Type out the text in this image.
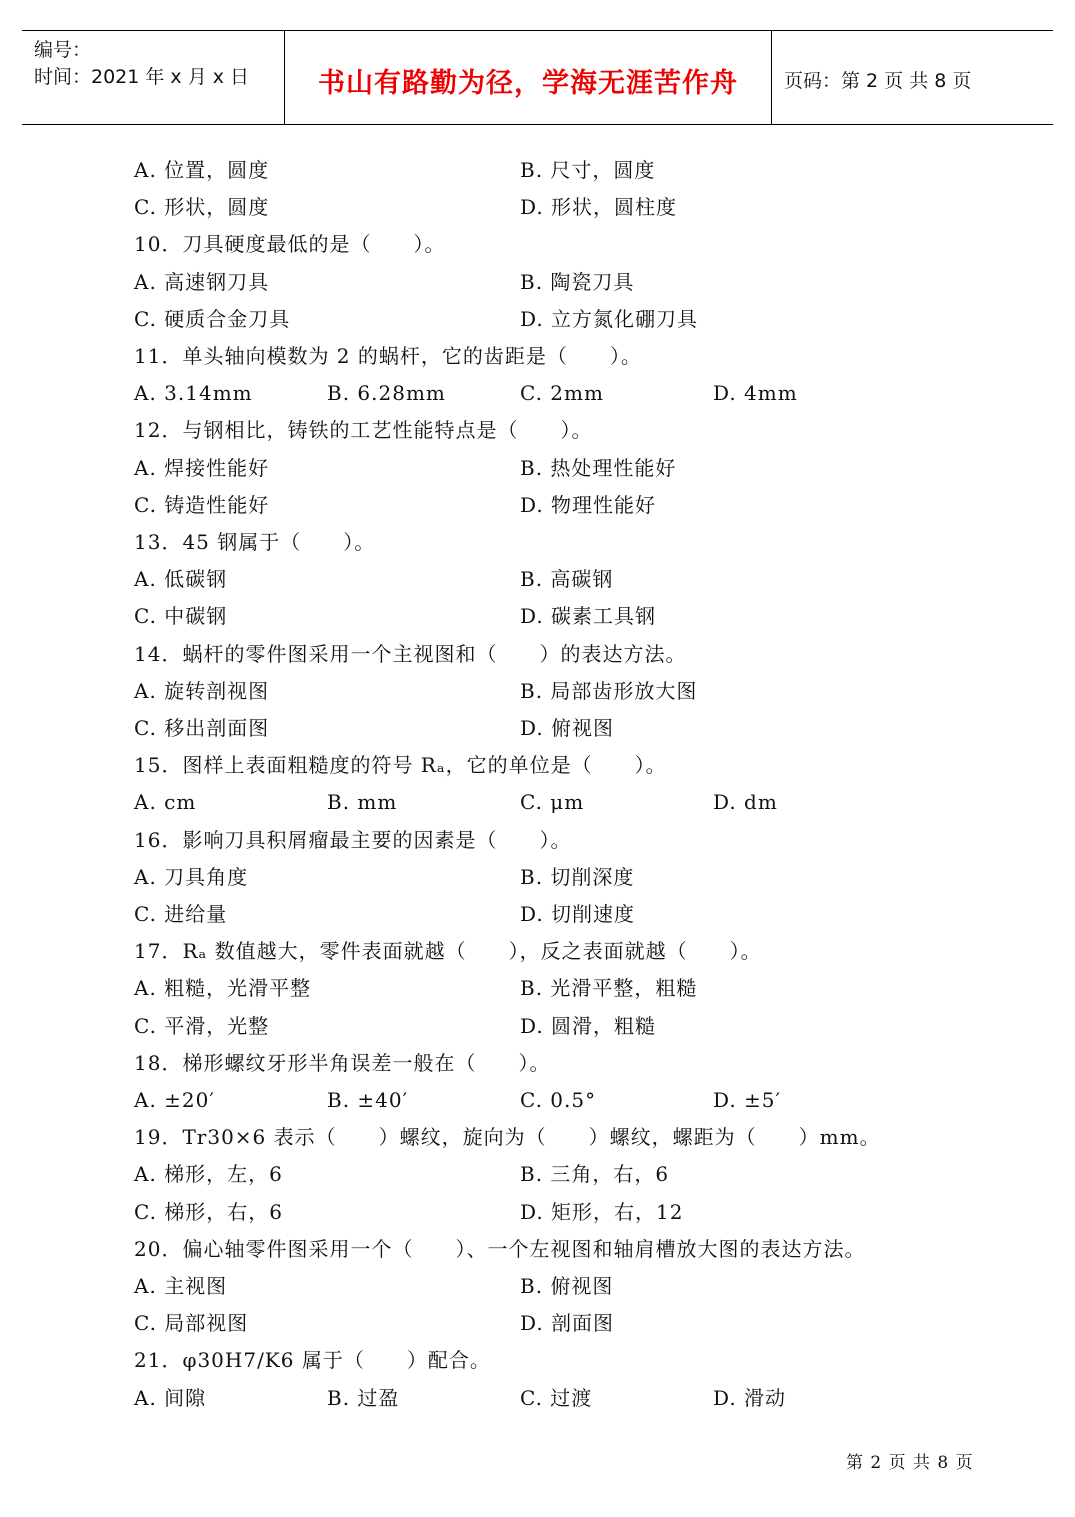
编号：
时间：2021 年 x 月 x 日	书山有路勤为径，学海无涯苦作舟	页码：第 2 页 共 8 页
A. 位置，圆度	B. 尺寸，圆度
C. 形状，圆度	D. 形状，圆柱度
10．刀具硬度最低的是（　　）。
A. 高速钢刀具	B. 陶瓷刀具
C. 硬质合金刀具	D. 立方氮化硼刀具
11．单头轴向模数为 2 的蜗杆，它的齿距是（　　）。
A. 3.14mm	B. 6.28mm	C. 2mm	D. 4mm
12．与钢相比，铸铁的工艺性能特点是（　　）。
A. 焊接性能好	B. 热处理性能好
C. 铸造性能好	D. 物理性能好
13．45 钢属于（　　）。
A. 低碳钢	B. 高碳钢
C. 中碳钢	D. 碳素工具钢
14．蜗杆的零件图采用一个主视图和（　　）的表达方法。
A. 旋转剖视图	B. 局部齿形放大图
C. 移出剖面图	D. 俯视图
15．图样上表面粗糙度的符号 Rₐ，它的单位是（　　）。
A. cm	B. mm	C. μm	D. dm
16．影响刀具积屑瘤最主要的因素是（　　）。
A. 刀具角度	B. 切削深度
C. 进给量	D. 切削速度
17．Rₐ 数值越大，零件表面就越（　　），反之表面就越（　　）。
A. 粗糙，光滑平整	B. 光滑平整，粗糙
C. 平滑，光整	D. 圆滑，粗糙
18．梯形螺纹牙形半角误差一般在（　　）。
A. ±20′	B. ±40′	C. 0.5°	D. ±5′
19．Tr30×6 表示（　　）螺纹，旋向为（　　）螺纹，螺距为（　　）mm。
A. 梯形，左，6	B. 三角，右，6
C. 梯形，右，6	D. 矩形，右，12
20．偏心轴零件图采用一个（　　）、一个左视图和轴肩槽放大图的表达方法。
A. 主视图	B. 俯视图
C. 局部视图	D. 剖面图
21．φ30H7/K6 属于（　　）配合。
A. 间隙	B. 过盈	C. 过渡	D. 滑动
第 2 页 共 8 页
